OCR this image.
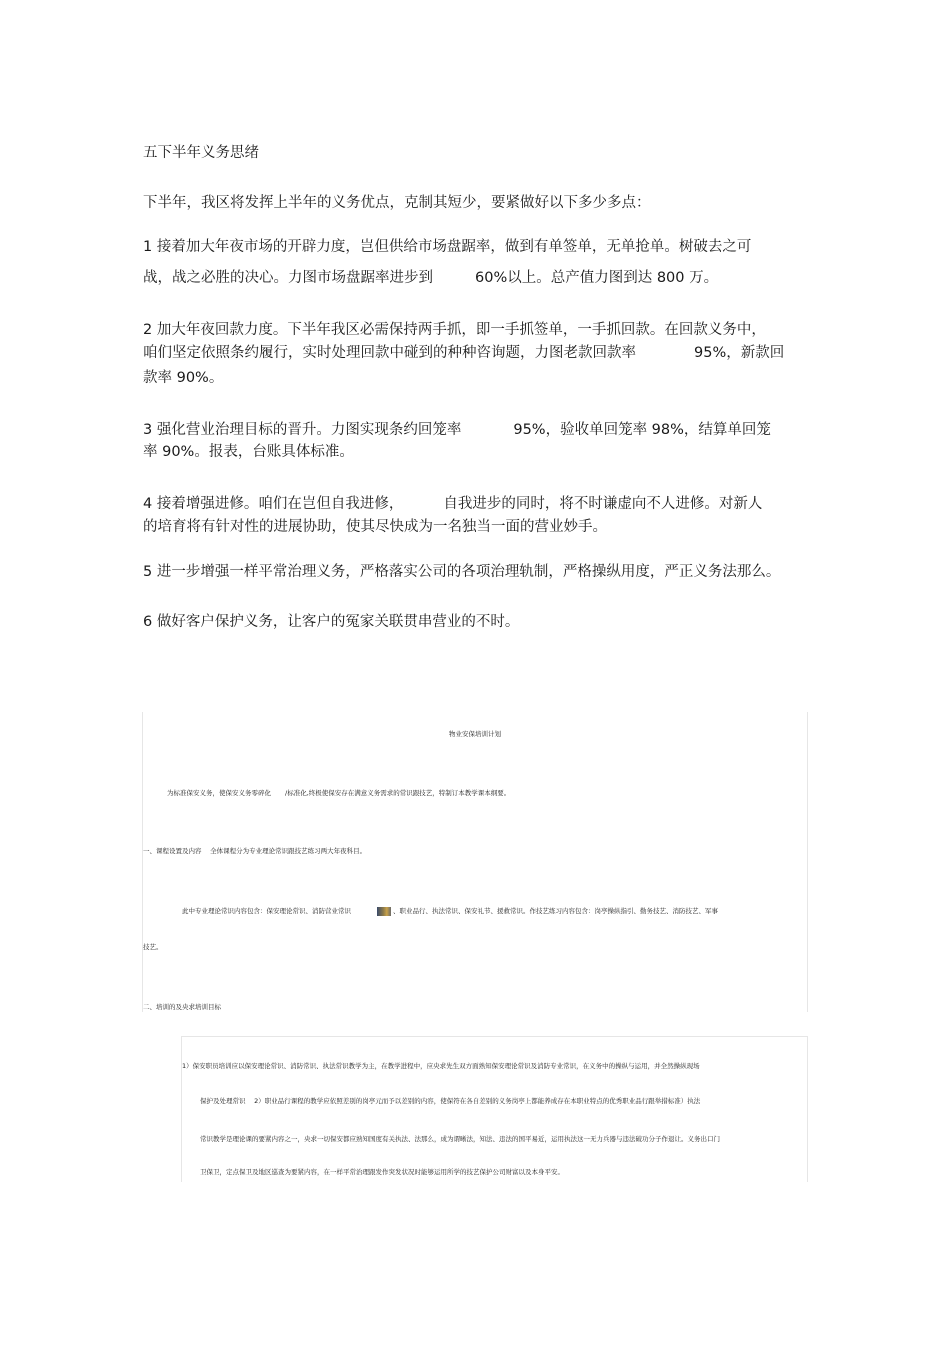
五下半年义务思绪
下半年，我区将发挥上半年的义务优点，克制其短少，要紧做好以下多少多点：
1 接着加大年夜市场的开辟力度，岂但供给市场盘踞率，做到有单签单，无单抢单。树破去之可
战，战之必胜的决心。力图市场盘踞率进步到	60%以上。总产值力图到达 800 万。
2 加大年夜回款力度。下半年我区必需保持两手抓，即一手抓签单，一手抓回款。在回款义务中，
咱们坚定依照条约履行，实时处理回款中碰到的种种咨询题，力图老款回款率	95%，新款回
款率 90%。
3 强化营业治理目标的晋升。力图实现条约回笼率	95%，验收单回笼率 98%，结算单回笼
率 90%。报表，台账具体标准。
4 接着增强进修。咱们在岂但自我进修，	自我进步的同时，将不时谦虚向不人进修。对新人
的培育将有针对性的进展协助，使其尽快成为一名独当一面的营业妙手。
5 进一步增强一样平常治理义务，严格落实公司的各项治理轨制，严格操纵用度，严正义务法那么。
6 做好客户保护义务，让客户的冤家关联贯串营业的不时。
物业安保培训计划
为标准保安义务，使保安义务零碎化 /标准化,终极使保安存在满意义务需求的常识跟技艺，特制订本教学课本纲要。
一、课程设置及内容　 全体课程分为专业理论常识跟技艺练习两大年夜科目。
此中专业理论常识内容包含：保安理论常识、消防营业常识	、职业品行、执法常识、保安礼节、援救常识。作技艺练习内容包含：岗亭操纵指引、勤务技艺、消防技艺、军事
技艺。
二、培训的及央求培训目标
1）保安职员培训应以保安理论常识、消防常识、执法常识教学为主，在教学进程中，应央求先生双方面熟知保安理论常识及消防专业常识，在义务中的操纵与运用，并全然操纵现场
保护及处理常识　 2）职业品行课程的教学应依照差别的岗亭元而予以差别的内容，使保符在各自差别的义务岗亭上都能养成存在本职业特点的优秀职业品行跟举措标准）执法
常识教学是理论课的要紧内容之一，央求一切保安都应熟知国度有关执法、法那么，成为谓晰法，知法、违法的国平易近，运用执法这一无力兵器与违法破功分子作退让。义务出口门
卫保卫，定点保卫及地区巡查为要紧内容，在一样平常治理跟发作突发状况时能够运用所学的技艺保护公司财富以及本身平安。
